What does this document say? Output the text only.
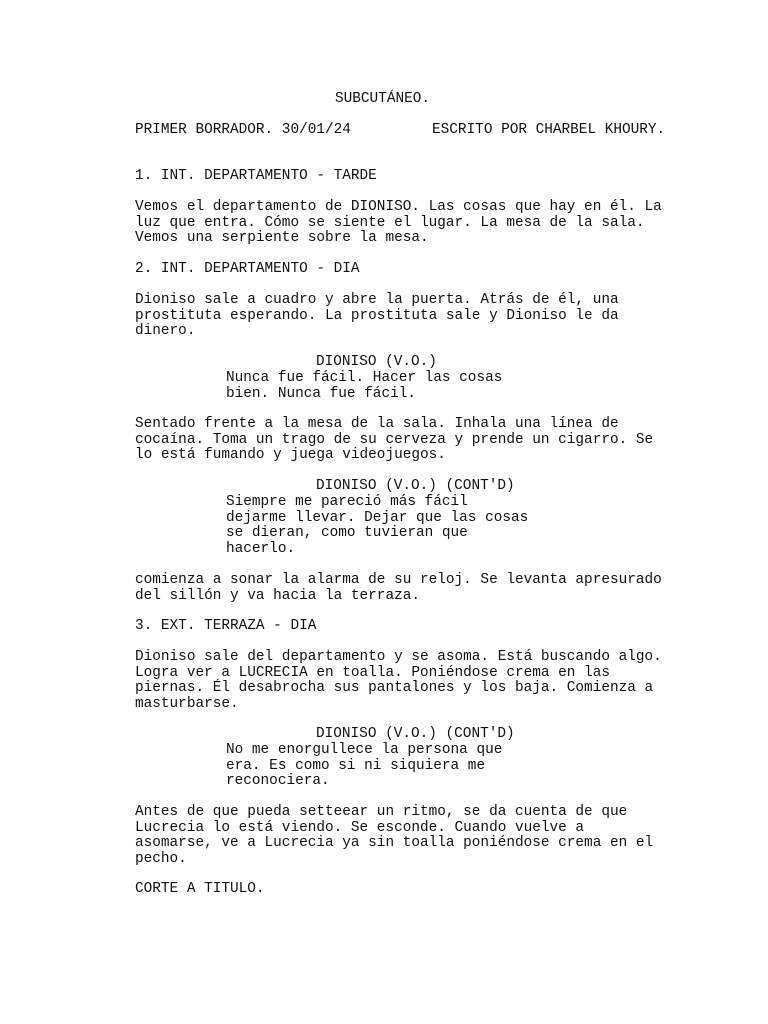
SUBCUTÁNEO.
PRIMER BORRADOR. 30/01/24	ESCRITO POR CHARBEL KHOURY.
1. INT. DEPARTAMENTO - TARDE
Vemos el departamento de DIONISO. Las cosas que hay en él. La
luz que entra. Cómo se siente el lugar. La mesa de la sala.
Vemos una serpiente sobre la mesa.
2. INT. DEPARTAMENTO - DIA
Dioniso sale a cuadro y abre la puerta. Atrás de él, una
prostituta esperando. La prostituta sale y Dioniso le da
dinero.
DIONISO (V.O.)
Nunca fue fácil. Hacer las cosas
bien. Nunca fue fácil.
Sentado frente a la mesa de la sala. Inhala una línea de
cocaína. Toma un trago de su cerveza y prende un cigarro. Se
lo está fumando y juega videojuegos.
DIONISO (V.O.) (CONT'D)
Siempre me pareció más fácil
dejarme llevar. Dejar que las cosas
se dieran, como tuvieran que
hacerlo.
comienza a sonar la alarma de su reloj. Se levanta apresurado
del sillón y va hacia la terraza.
3. EXT. TERRAZA - DIA
Dioniso sale del departamento y se asoma. Está buscando algo.
Logra ver a LUCRECIA en toalla. Poniéndose crema en las
piernas. Él desabrocha sus pantalones y los baja. Comienza a
masturbarse.
DIONISO (V.O.) (CONT'D)
No me enorgullece la persona que
era. Es como si ni siquiera me
reconociera.
Antes de que pueda setteear un ritmo, se da cuenta de que
Lucrecia lo está viendo. Se esconde. Cuando vuelve a
asomarse, ve a Lucrecia ya sin toalla poniéndose crema en el
pecho.
CORTE A TITULO.
